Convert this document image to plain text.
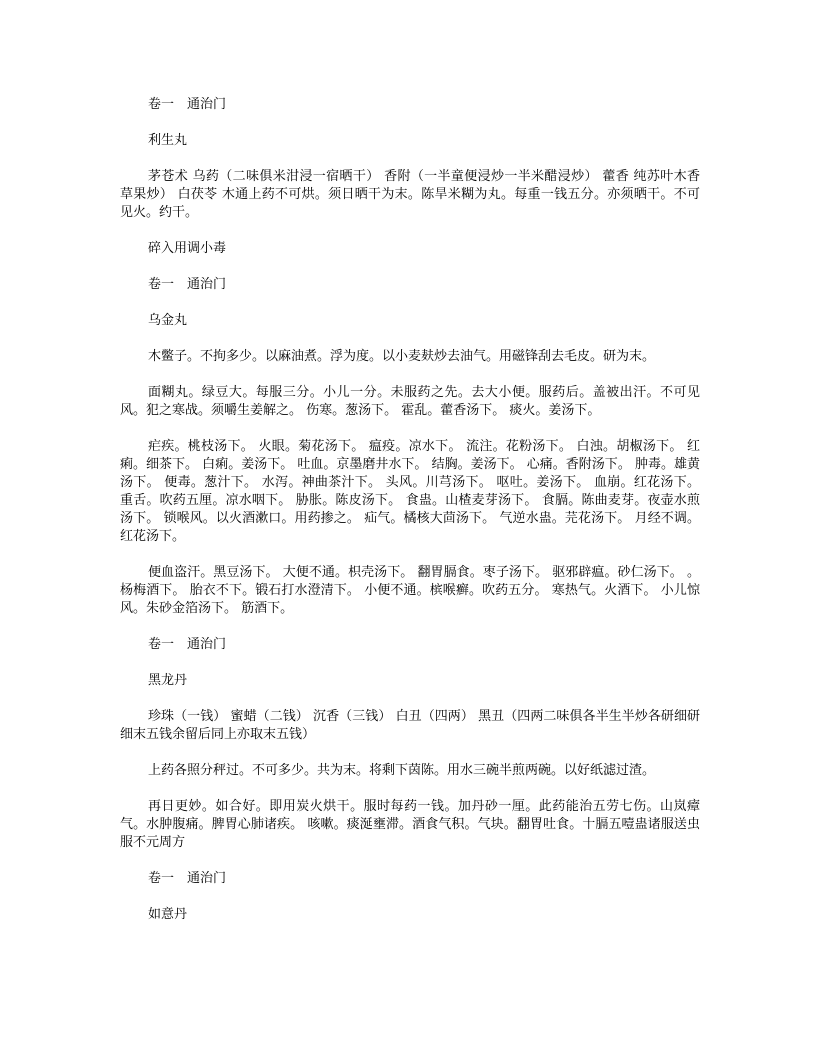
卷一　通治门

利生丸

茅苍术 乌药（二味俱米泔浸一宿晒干） 香附（一半童便浸炒一半米醋浸炒） 藿香 纯苏叶木香 草果炒） 白茯苓 木通上药不可烘。须日晒干为末。陈旱米糊为丸。每重一钱五分。亦须晒干。不可见火。约干。

碎入用调小毒

卷一　通治门

乌金丸

木鳖子。不拘多少。以麻油煮。浮为度。以小麦麸炒去油气。用磁锋刮去毛皮。研为末。

面糊丸。绿豆大。每服三分。小儿一分。未服药之先。去大小便。服药后。盖被出汗。不可见风。犯之寒战。须嚼生姜解之。 伤寒。葱汤下。 霍乱。藿香汤下。 痰火。姜汤下。

疟疾。桃枝汤下。 火眼。菊花汤下。 瘟疫。凉水下。 流注。花粉汤下。 白浊。胡椒汤下。 红痢。细茶下。 白痢。姜汤下。 吐血。京墨磨井水下。 结胸。姜汤下。 心痛。香附汤下。 肿毒。雄黄汤下。 便毒。葱汁下。 水泻。神曲茶汁下。 头风。川芎汤下。 呕吐。姜汤下。 血崩。红花汤下。 重舌。吹药五厘。凉水咽下。 胁胀。陈皮汤下。 食蛊。山楂麦芽汤下。 食膈。陈曲麦芽。夜壶水煎汤下。 锁喉风。以火酒漱口。用药掺之。 疝气。橘核大茴汤下。 气逆水蛊。芫花汤下。 月经不调。红花汤下。

便血盗汗。黑豆汤下。 大便不通。枳壳汤下。 翻胃膈食。枣子汤下。 驱邪辟瘟。砂仁汤下。 。杨梅酒下。 胎衣不下。锻石打水澄清下。 小便不通。槟喉癣。吹药五分。 寒热气。火酒下。 小儿惊风。朱砂金箔汤下。 筋酒下。

卷一　通治门

黑龙丹

珍珠（一钱） 蜜蜡（二钱） 沉香（三钱） 白丑（四两） 黑丑（四两二味俱各半生半炒各研细研细末五钱余留后同上亦取末五钱）

上药各照分秤过。不可多少。共为末。将剩下茵陈。用水三碗半煎两碗。以好纸滤过渣。

再日更妙。如合好。即用炭火烘干。服时每药一钱。加丹砂一厘。此药能治五劳七伤。山岚瘴气。水肿腹痛。脾胃心肺诸疾。 咳嗽。痰涎壅滞。酒食气积。气块。翻胃吐食。十膈五噎蛊诸服送虫服不元周方

卷一　通治门

如意丹
